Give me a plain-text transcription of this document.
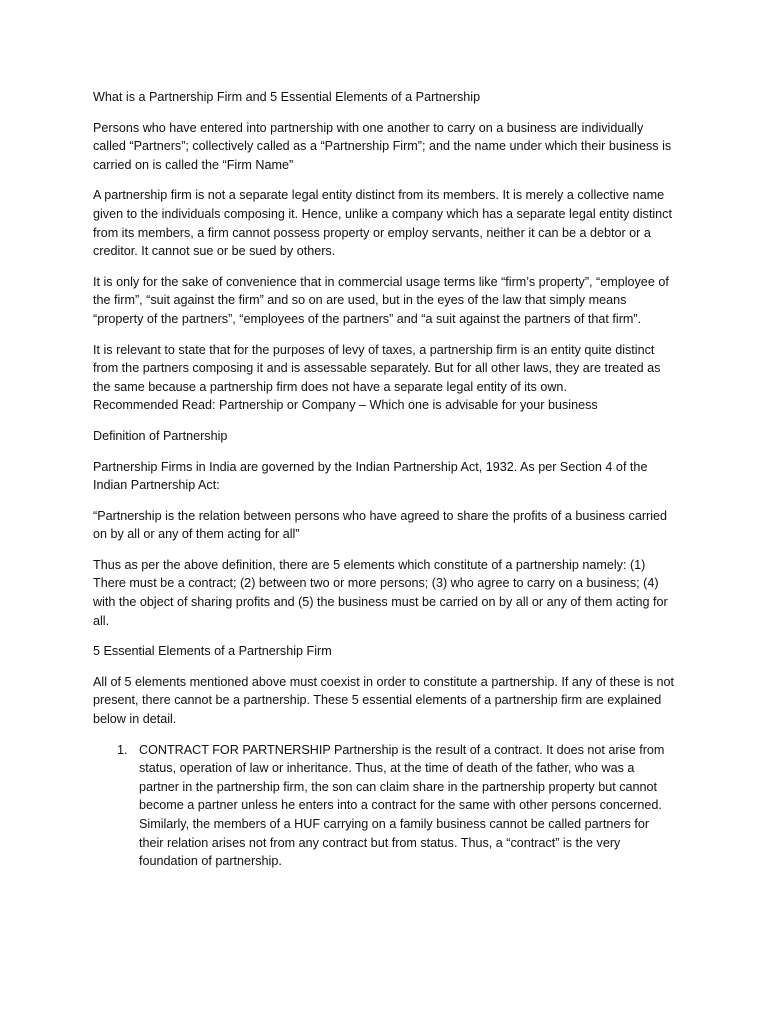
What is a Partnership Firm and 5 Essential Elements of a Partnership

Persons who have entered into partnership with one another to carry on a business are individually called “Partners”; collectively called as a “Partnership Firm”; and the name under which their business is carried on is called the “Firm Name”

A partnership firm is not a separate legal entity distinct from its members. It is merely a collective name given to the individuals composing it. Hence, unlike a company which has a separate legal entity distinct from its members, a firm cannot possess property or employ servants, neither it can be a debtor or a creditor. It cannot sue or be sued by others.

It is only for the sake of convenience that in commercial usage terms like “firm’s property”, “employee of the firm”, “suit against the firm” and so on are used, but in the eyes of the law that simply means “property of the partners”, “employees of the partners” and “a suit against the partners of that firm”.

It is relevant to state that for the purposes of levy of taxes, a partnership firm is an entity quite distinct from the partners composing it and is assessable separately. But for all other laws, they are treated as the same because a partnership firm does not have a separate legal entity of its own.

Recommended Read: Partnership or Company – Which one is advisable for your business

Definition of Partnership

Partnership Firms in India are governed by the Indian Partnership Act, 1932. As per Section 4 of the Indian Partnership Act:

“Partnership is the relation between persons who have agreed to share the profits of a business carried on by all or any of them acting for all”

Thus as per the above definition, there are 5 elements which constitute of a partnership namely: (1) There must be a contract; (2) between two or more persons; (3) who agree to carry on a business; (4) with the object of sharing profits and (5) the business must be carried on by all or any of them acting for all.

5 Essential Elements of a Partnership Firm

All of 5 elements mentioned above must coexist in order to constitute a partnership. If any of these is not present, there cannot be a partnership. These 5 essential elements of a partnership firm are explained below in detail.

1. CONTRACT FOR PARTNERSHIP Partnership is the result of a contract. It does not arise from status, operation of law or inheritance. Thus, at the time of death of the father, who was a partner in the partnership firm, the son can claim share in the partnership property but cannot become a partner unless he enters into a contract for the same with other persons concerned.

Similarly, the members of a HUF carrying on a family business cannot be called partners for their relation arises not from any contract but from status. Thus, a “contract” is the very foundation of partnership.
